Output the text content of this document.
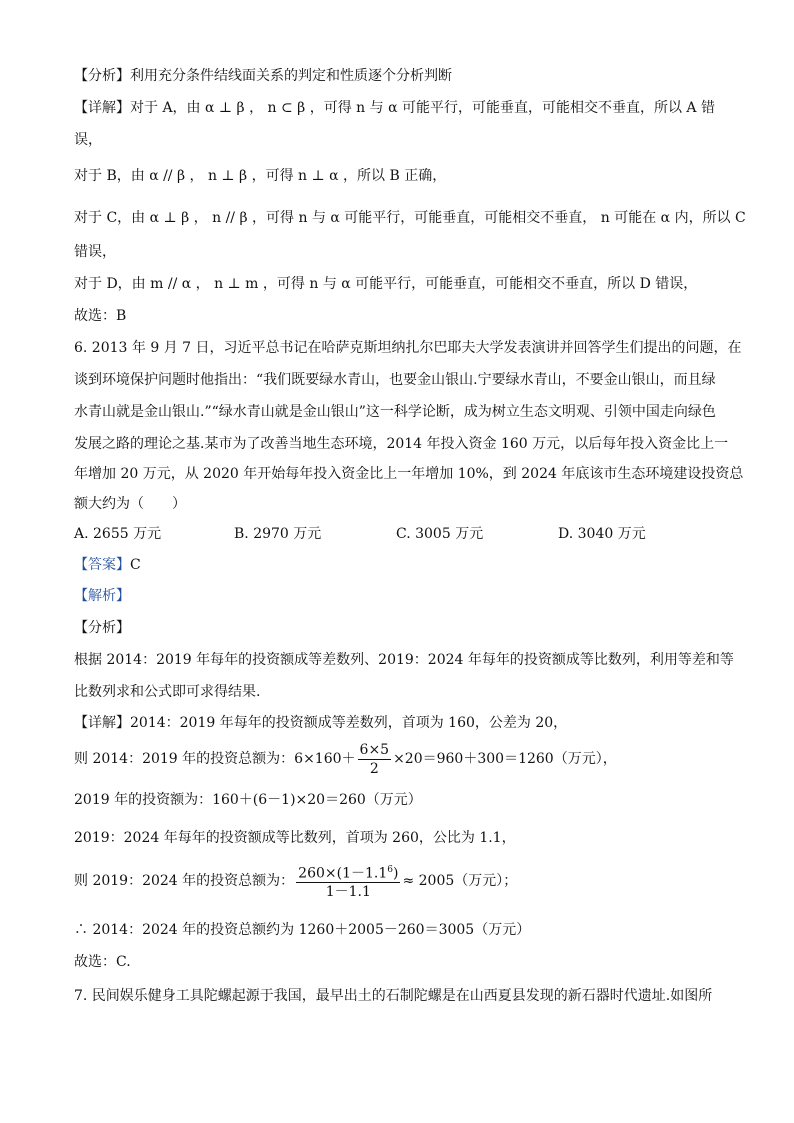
【分析】利用充分条件结线面关系的判定和性质逐个分析判断
【详解】对于 A，由 α ⊥ β ， n ⊂ β ，可得 n 与 α 可能平行，可能垂直，可能相交不垂直，所以 A 错
误，
对于 B，由 α // β ， n ⊥ β ，可得 n ⊥ α ，所以 B 正确，
对于 C，由 α ⊥ β ， n // β ，可得 n 与 α 可能平行，可能垂直，可能相交不垂直， n 可能在 α 内，所以 C
错误，
对于 D，由 m // α ， n ⊥ m ，可得 n 与 α 可能平行，可能垂直，可能相交不垂直，所以 D 错误，
故选：B
6. 2013 年 9 月 7 日，习近平总书记在哈萨克斯坦纳扎尔巴耶夫大学发表演讲并回答学生们提出的问题，在
谈到环境保护问题时他指出：“我们既要绿水青山，也要金山银山.宁要绿水青山，不要金山银山，而且绿
水青山就是金山银山.”“绿水青山就是金山银山”这一科学论断，成为树立生态文明观、引领中国走向绿色
发展之路的理论之基.某市为了改善当地生态环境，2014 年投入资金 160 万元，以后每年投入资金比上一
年增加 20 万元，从 2020 年开始每年投入资金比上一年增加 10%，到 2024 年底该市生态环境建设投资总
额大约为（　　）
A. 2655 万元	B. 2970 万元	C. 3005 万元	D. 3040 万元
【答案】C
【解析】
【分析】
根据 2014：2019 年每年的投资额成等差数列、2019：2024 年每年的投资额成等比数列，利用等差和等
比数列求和公式即可求得结果.
【详解】2014：2019 年每年的投资额成等差数列，首项为 160，公差为 20，
则 2014：2019 年的投资总额为：$6\times 160+ \frac{6\times 5}{2} \times 20=960+300=1260$（万元），
2019 年的投资额为：160＋(6－1)×20＝260（万元）
2019：2024 年每年的投资额成等比数列，首项为 260，公比为 1.1，
则 2019：2024 年的投资总额为： $\frac{260\times(1-1.1^6)}{1-1.1} \approx 2005$（万元）；
∴ 2014：2024 年的投资总额约为 1260＋2005－260＝3005（万元）
故选：C.
7. 民间娱乐健身工具陀螺起源于我国，最早出土的石制陀螺是在山西夏县发现的新石器时代遗址.如图所
